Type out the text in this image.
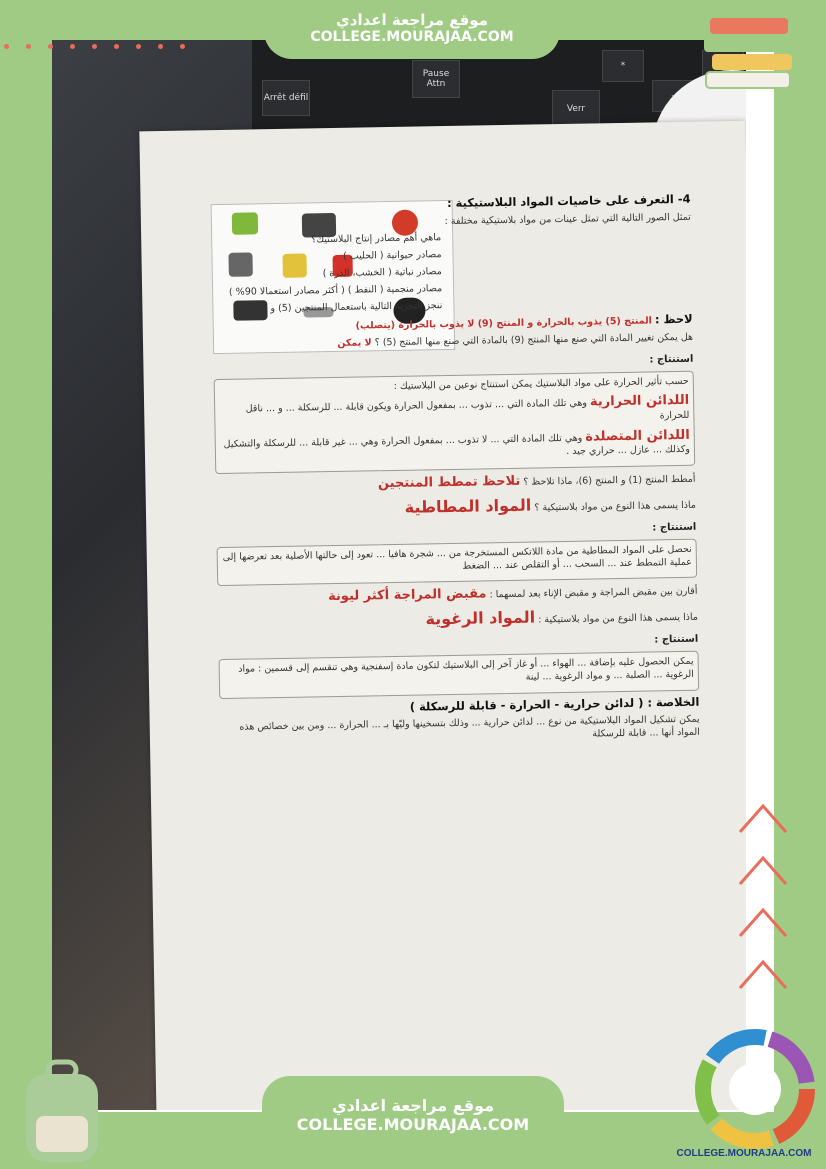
Arrêt défil
Pause Attn
Verr
*
4- التعرف على خاصيات المواد البلاستيكية :
تمثل الصور التالية التي تمثل عينات من مواد بلاستيكية مختلفة :
ماهي أهم مصادر إنتاج البلاستيك؟
مصادر حيوانية ( الحليب )
مصادر نباتية ( الخشب، الذرة )
مصادر منجمية ( النفط ) ( أكثر مصادر استعمالا 90% )
ننجز التجربة التالية باستعمال المنتجين (5) و (9) :
لاحظ : المنتج (5) يذوب بالحرارة و المنتج (9) لا يذوب بالحرارة (يتصلب)
هل يمكن تغيير المادة التي صنع منها المنتج (9) بالمادة التي صنع منها المنتج (5) ؟ لا يمكن
استنتاج :
حسب تأثير الحرارة على مواد البلاستيك يمكن استنتاج نوعين من البلاستيك :
اللدائن الحرارية وهي تلك المادة التي ... تذوب ... بمفعول الحرارة ويكون قابلة ... للرسكلة ... و ... ناقل للحرارة
اللدائن المتصلدة وهي تلك المادة التي ... لا تذوب ... بمفعول الحرارة وهي ... غير قابلة ... للرسكلة والتشكيل وكذلك ... عازل ... حراري جيد .
أمطط المنتج (1) و المنتج (6)، ماذا تلاحظ ؟ تلاحظ تمطط المنتجين
ماذا يسمى هذا النوع من مواد بلاستيكية ؟ المواد المطاطية
استنتاج :
نحصل على المواد المطاطية من مادة اللاتكس المستخرجة من ... شجرة هافيا ... تعود إلى حالتها الأصلية بعد تعرضها إلى عملية التمطط عند ... السحب ... أو التقلص عند ... الضغط
أقارن بين مقبض المراجة و مقبض الإناء بعد لمسهما : مقبض المراجة أكثر ليونة
ماذا يسمى هذا النوع من مواد بلاستيكية : المواد الرغوية
استنتاج :
يمكن الحصول عليه بإضافة ... الهواء ... أو غاز آخر إلى البلاستيك لتكون مادة إسفنجية وهي تنقسم إلى قسمين : مواد الرغوية ... الصلبة ... و مواد الرغوية ... لينة
الخلاصة : ( لدائن حرارية - الحرارة - قابلة للرسكلة )
يمكن تشكيل المواد البلاستيكية من نوع ... لدائن حرارية ... وذلك بتسخينها وليّها بـ ... الحرارة ... ومن بين خصائص هذه المواد أنها ... قابلة للرسكلة
موقع مراجعة اعدادي
COLLEGE.MOURAJAA.COM
موقع مراجعة اعدادي
COLLEGE.MOURAJAA.COM
COLLEGE.MOURAJAA.COM
